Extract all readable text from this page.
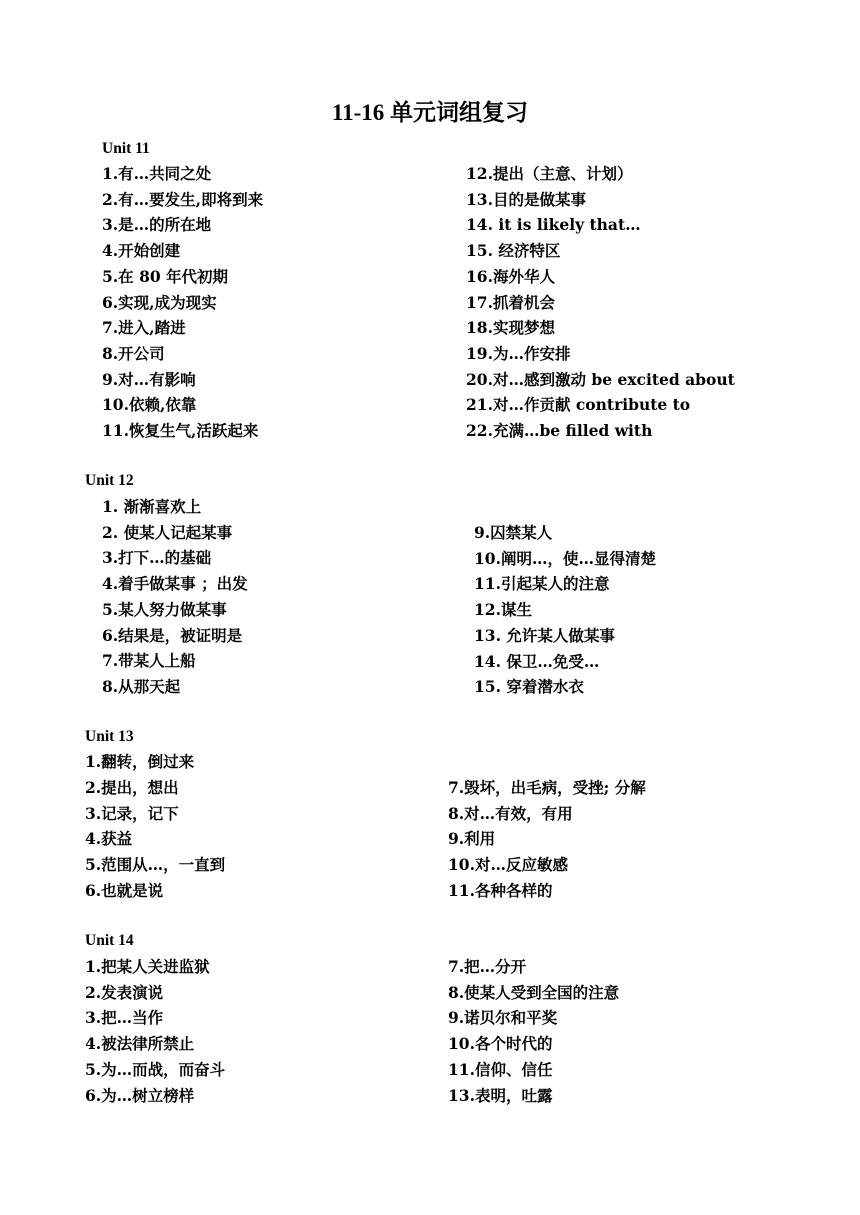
11-16 单元词组复习
Unit 11
1.有…共同之处
2.有…要发生,即将到来
3.是…的所在地
4.开始创建
5.在 80 年代初期
6.实现,成为现实
7.进入,踏进
8.开公司
9.对…有影响
10.依赖,依靠
11.恢复生气,活跃起来
12.提出（主意、计划）
13.目的是做某事
14. it is likely that…
15. 经济特区
16.海外华人
17.抓着机会
18.实现梦想
19.为…作安排
20.对…感到激动 be excited about
21.对…作贡献 contribute to
22.充满…be filled with
Unit 12
1. 渐渐喜欢上
2. 使某人记起某事
3.打下…的基础
4.着手做某事 ；出发
5.某人努力做某事
6.结果是，被证明是
7.带某人上船
8.从那天起
9.囚禁某人
10.阐明…，使…显得清楚
11.引起某人的注意
12.谋生
13. 允许某人做某事
14. 保卫…免受…
15. 穿着潜水衣
Unit 13
1.翻转，倒过来
2.提出，想出
3.记录，记下
4.获益
5.范围从…，一直到
6.也就是说
7.毁坏，出毛病，受挫; 分解
8.对…有效，有用
9.利用
10.对…反应敏感
11.各种各样的
Unit 14
1.把某人关进监狱
2.发表演说
3.把…当作
4.被法律所禁止
5.为…而战，而奋斗
6.为…树立榜样
7.把…分开
8.使某人受到全国的注意
9.诺贝尔和平奖
10.各个时代的
11.信仰、信任
13.表明，吐露
